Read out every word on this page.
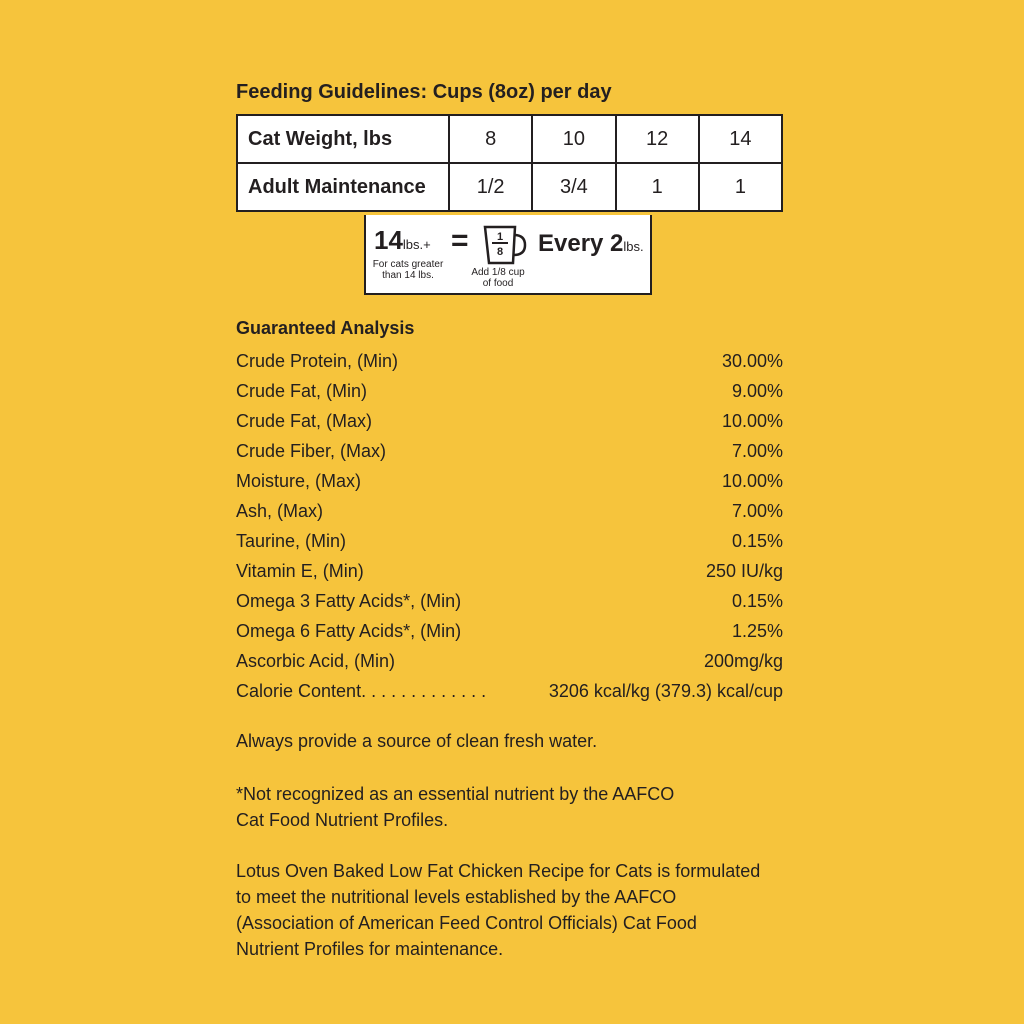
Feeding Guidelines: Cups (8oz) per day
Cat Weight, lbs	8	10	12	14
Adult Maintenance	1/2	3/4	1	1
14lbs.+
For cats greater than 14 lbs.
=	1
8
Add 1/8 cup of food
Every 2lbs.
Guaranteed Analysis
Crude Protein, (Min)	30.00%
Crude Fat, (Min)	9.00%
Crude Fat, (Max)	10.00%
Crude Fiber, (Max)	7.00%
Moisture, (Max)	10.00%
Ash, (Max)	7.00%
Taurine, (Min)	0.15%
Vitamin E, (Min)	250 IU/kg
Omega 3 Fatty Acids*, (Min)	0.15%
Omega 6 Fatty Acids*, (Min)	1.25%
Ascorbic Acid, (Min)	200mg/kg
Calorie Content. . . . . . . . . . . . .	3206 kcal/kg (379.3) kcal/cup

Always provide a source of clean fresh water.

*Not recognized as an essential nutrient by the AAFCO
Cat Food Nutrient Profiles.

Lotus Oven Baked Low Fat Chicken Recipe for Cats is formulated
to meet the nutritional levels established by the AAFCO
(Association of American Feed Control Officials) Cat Food
Nutrient Profiles for maintenance.
